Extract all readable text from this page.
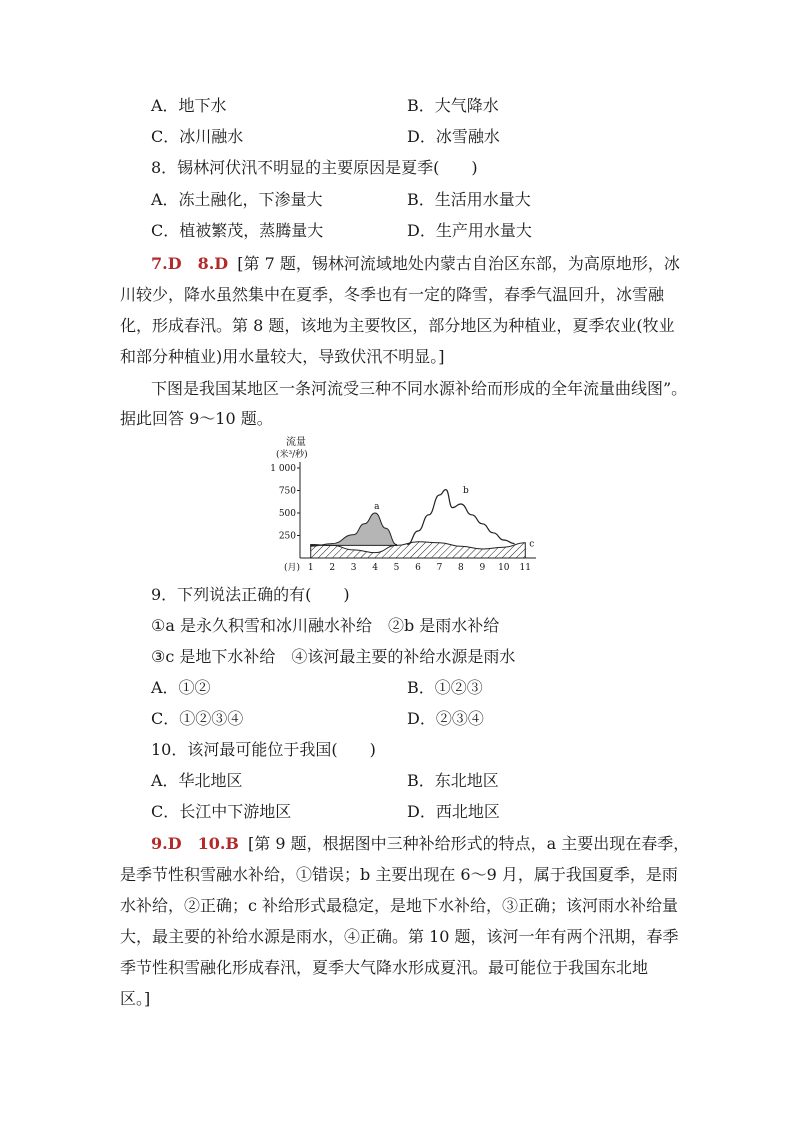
A．地下水	B．大气降水
C．冰川融水	D．冰雪融水
8．锡林河伏汛不明显的主要原因是夏季(　　)
A．冻土融化，下渗量大	B．生活用水量大
C．植被繁茂，蒸腾量大	D．生产用水量大
7.D　8.D [第 7 题，锡林河流域地处内蒙古自治区东部，为高原地形，冰
川较少，降水虽然集中在夏季，冬季也有一定的降雪，春季气温回升，冰雪融
化，形成春汛。第 8 题，该地为主要牧区，部分地区为种植业，夏季农业(牧业
和部分种植业)用水量较大，导致伏汛不明显。]
下图是我国某地区一条河流受三种不同水源补给而形成的全年流量曲线图”。
据此回答 9～10 题。
流量
(米³/秒)
1 000
750
500
250
(月) 1 2 3 4 5 6 7 8 9 10 11
a
b
c
9．下列说法正确的有(　　)
①a 是永久积雪和冰川融水补给　②b 是雨水补给
③c 是地下水补给　④该河最主要的补给水源是雨水
A．①②	B．①②③
C．①②③④	D．②③④
10．该河最可能位于我国(　　)
A．华北地区	B．东北地区
C．长江中下游地区	D．西北地区
9.D　10.B [第 9 题，根据图中三种补给形式的特点，a 主要出现在春季，
是季节性积雪融水补给，①错误；b 主要出现在 6～9 月，属于我国夏季，是雨
水补给，②正确；c 补给形式最稳定，是地下水补给，③正确；该河雨水补给量
大，最主要的补给水源是雨水，④正确。第 10 题，该河一年有两个汛期，春季
季节性积雪融化形成春汛，夏季大气降水形成夏汛。最可能位于我国东北地
区。]
